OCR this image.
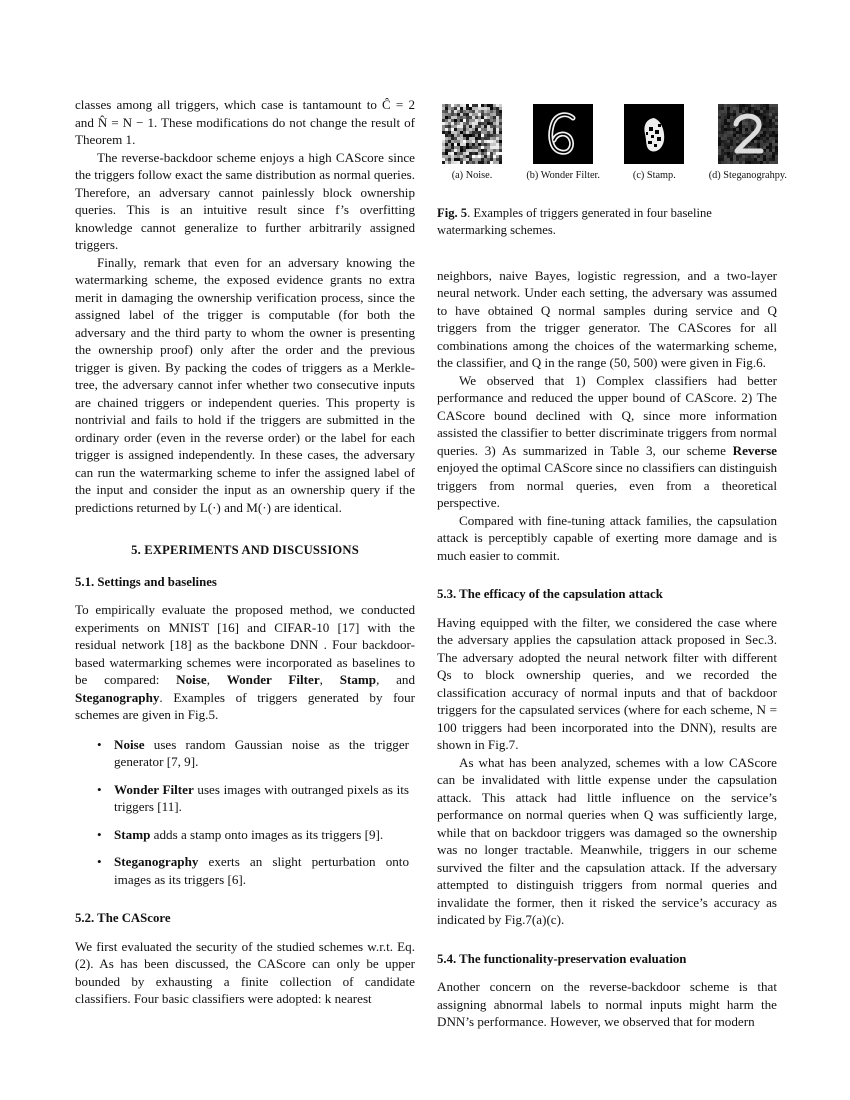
classes among all triggers, which case is tantamount to Ĉ = 2 and N̂ = N − 1. These modifications do not change the result of Theorem 1.

The reverse-backdoor scheme enjoys a high CAScore since the triggers follow exact the same distribution as normal queries. Therefore, an adversary cannot painlessly block ownership queries. This is an intuitive result since f’s overfitting knowledge cannot generalize to further arbitrarily assigned triggers.

Finally, remark that even for an adversary knowing the watermarking scheme, the exposed evidence grants no extra merit in damaging the ownership verification process, since the assigned label of the trigger is computable (for both the adversary and the third party to whom the owner is presenting the ownership proof) only after the order and the previous trigger is given. By packing the codes of triggers as a Merkle-tree, the adversary cannot infer whether two consecutive inputs are chained triggers or independent queries. This property is nontrivial and fails to hold if the triggers are submitted in the ordinary order (even in the reverse order) or the label for each trigger is assigned independently. In these cases, the adversary can run the watermarking scheme to infer the assigned label of the input and consider the input as an ownership query if the predictions returned by L(·) and M(·) are identical.

5. EXPERIMENTS AND DISCUSSIONS
5.1. Settings and baselines

To empirically evaluate the proposed method, we conducted experiments on MNIST [16] and CIFAR-10 [17] with the residual network [18] as the backbone DNN . Four backdoor-based watermarking schemes were incorporated as baselines to be compared: Noise, Wonder Filter, Stamp, and Steganography. Examples of triggers generated by four schemes are given in Fig.5.

• Noise uses random Gaussian noise as the trigger generator [7, 9].
• Wonder Filter uses images with outranged pixels as its triggers [11].
• Stamp adds a stamp onto images as its triggers [9].
• Steganography exerts an slight perturbation onto images as its triggers [6].
5.2. The CAScore

We first evaluated the security of the studied schemes w.r.t. Eq.(2). As has been discussed, the CAScore can only be upper bounded by exhausting a finite collection of candidate classifiers. Four basic classifiers were adopted: k nearest

(a) Noise.	(b) Wonder Filter.	(c) Stamp.	(d) Steganograhpy.
Fig. 5. Examples of triggers generated in four baseline watermarking schemes.

neighbors, naive Bayes, logistic regression, and a two-layer neural network. Under each setting, the adversary was assumed to have obtained Q normal samples during service and Q triggers from the trigger generator. The CAScores for all combinations among the choices of the watermarking scheme, the classifier, and Q in the range (50, 500) were given in Fig.6.

We observed that 1) Complex classifiers had better performance and reduced the upper bound of CAScore. 2) The CAScore bound declined with Q, since more information assisted the classifier to better discriminate triggers from normal queries. 3) As summarized in Table 3, our scheme Reverse enjoyed the optimal CAScore since no classifiers can distinguish triggers from normal queries, even from a theoretical perspective.

Compared with fine-tuning attack families, the capsulation attack is perceptibly capable of exerting more damage and is much easier to commit.

5.3. The efficacy of the capsulation attack

Having equipped with the filter, we considered the case where the adversary applies the capsulation attack proposed in Sec.3. The adversary adopted the neural network filter with different Qs to block ownership queries, and we recorded the classification accuracy of normal inputs and that of backdoor triggers for the capsulated services (where for each scheme, N = 100 triggers had been incorporated into the DNN), results are shown in Fig.7.

As what has been analyzed, schemes with a low CAScore can be invalidated with little expense under the capsulation attack. This attack had little influence on the service’s performance on normal queries when Q was sufficiently large, while that on backdoor triggers was damaged so the ownership was no longer tractable. Meanwhile, triggers in our scheme survived the filter and the capsulation attack. If the adversary attempted to distinguish triggers from normal queries and invalidate the former, then it risked the service’s accuracy as indicated by Fig.7(a)(c).

5.4. The functionality-preservation evaluation

Another concern on the reverse-backdoor scheme is that assigning abnormal labels to normal inputs might harm the DNN’s performance. However, we observed that for modern
